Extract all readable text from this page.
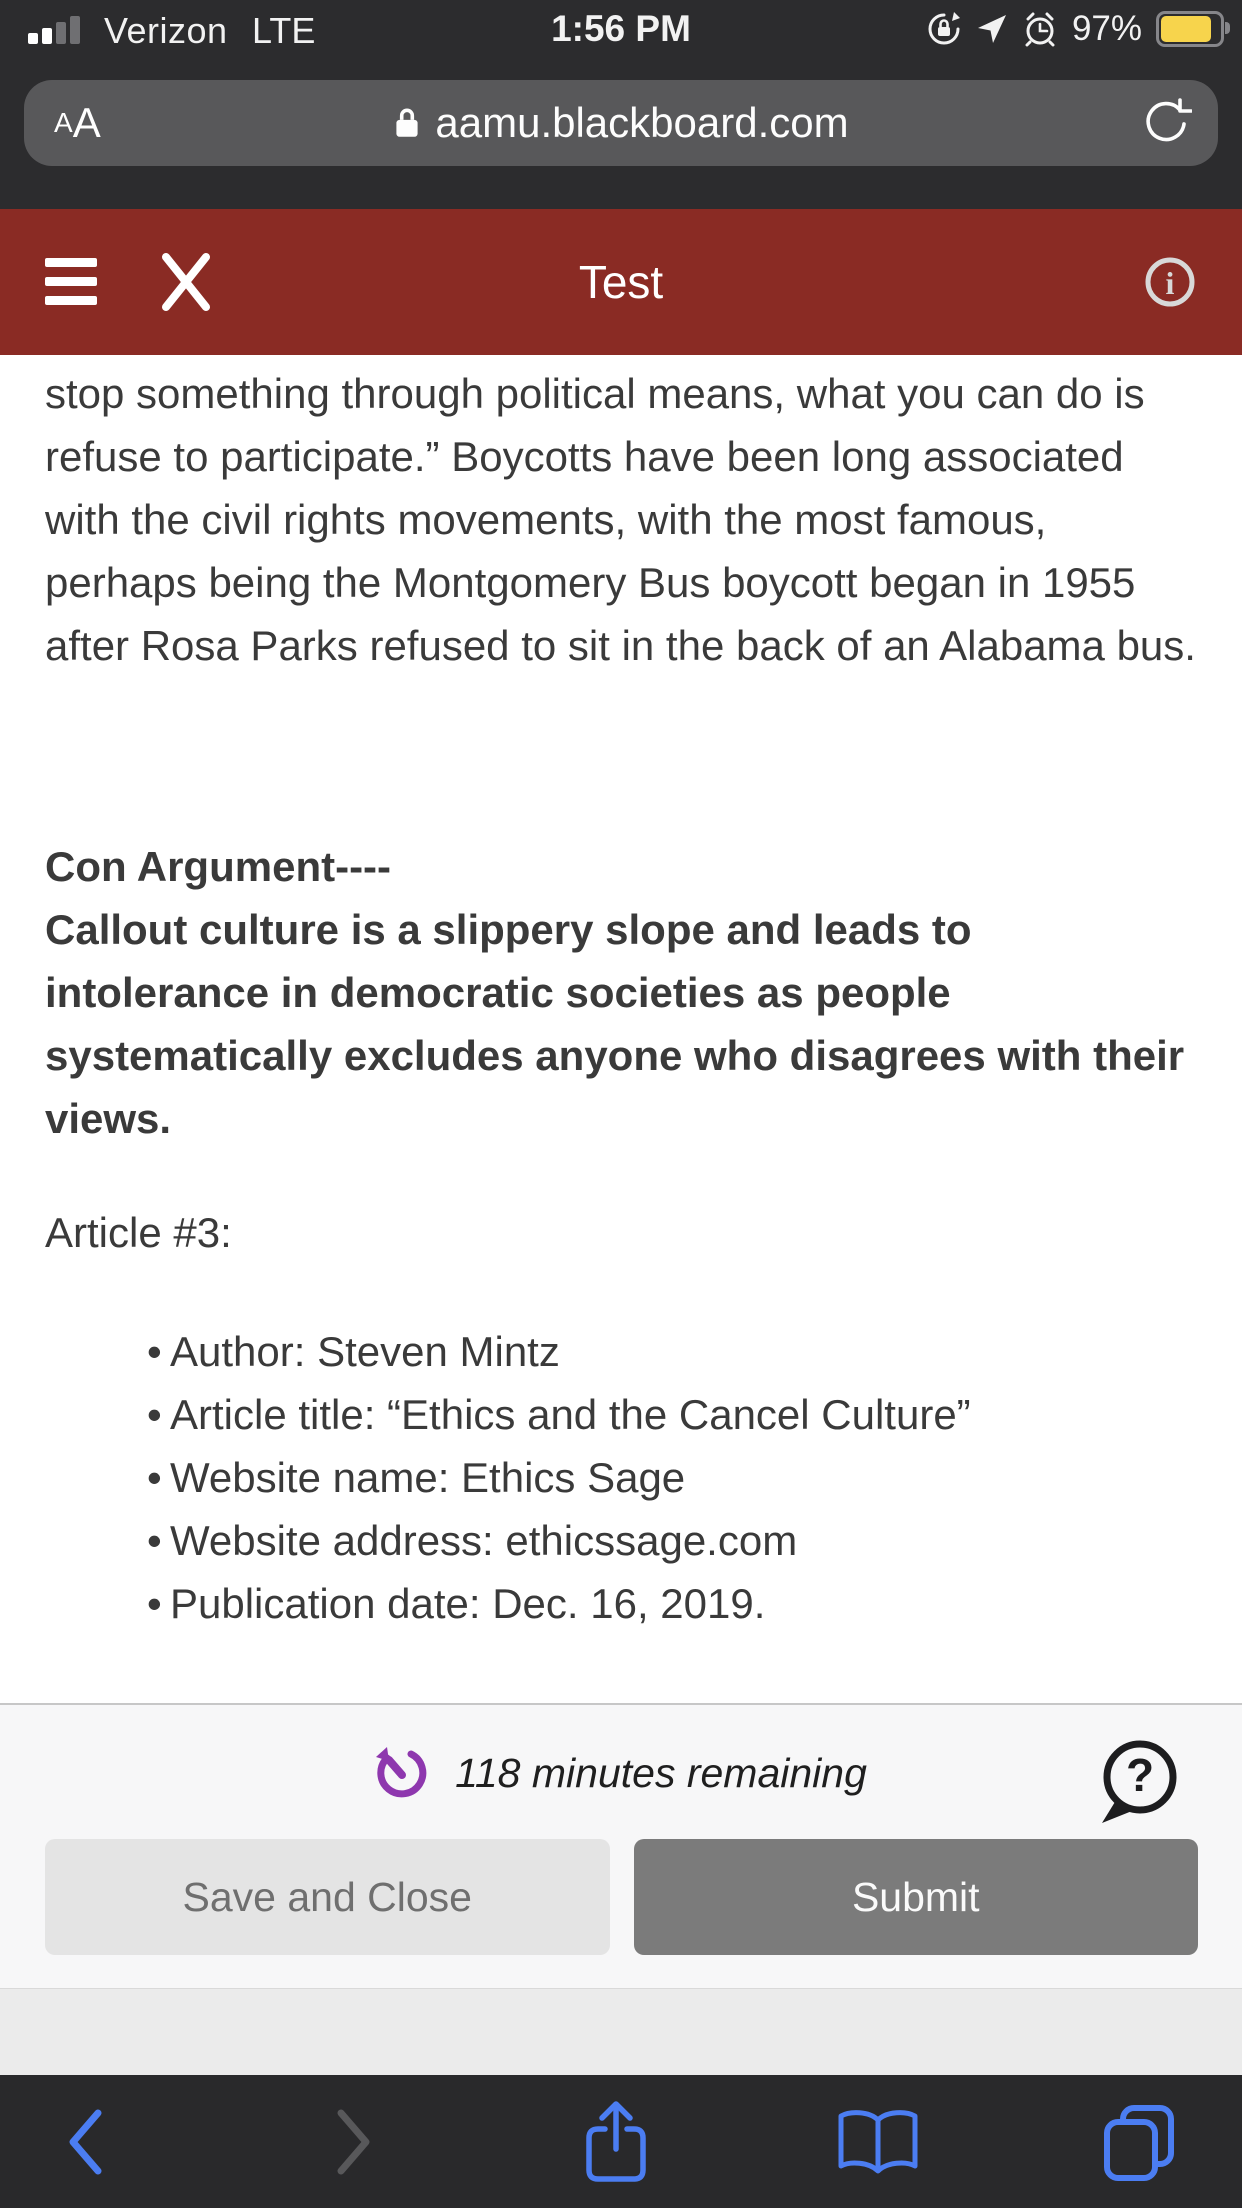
Verizon LTE	1:56 PM	97%
A A	aamu.blackboard.com
Test	i
stop something through political means, what you can do is refuse to participate.” Boycotts have been long associated with the civil rights movements, with the most famous, perhaps being the Montgomery Bus boycott began in 1955 after Rosa Parks refused to sit in the back of an Alabama bus.
Con Argument----
Callout culture is a slippery slope and leads to intolerance in democratic societies as people systematically excludes anyone who disagrees with their views.
Article #3:
• Author: Steven Mintz
• Article title: “Ethics and the Cancel Culture”
• Website name: Ethics Sage
• Website address: ethicssage.com
• Publication date: Dec. 16, 2019.
118 minutes remaining	?
Save and Close	Submit
